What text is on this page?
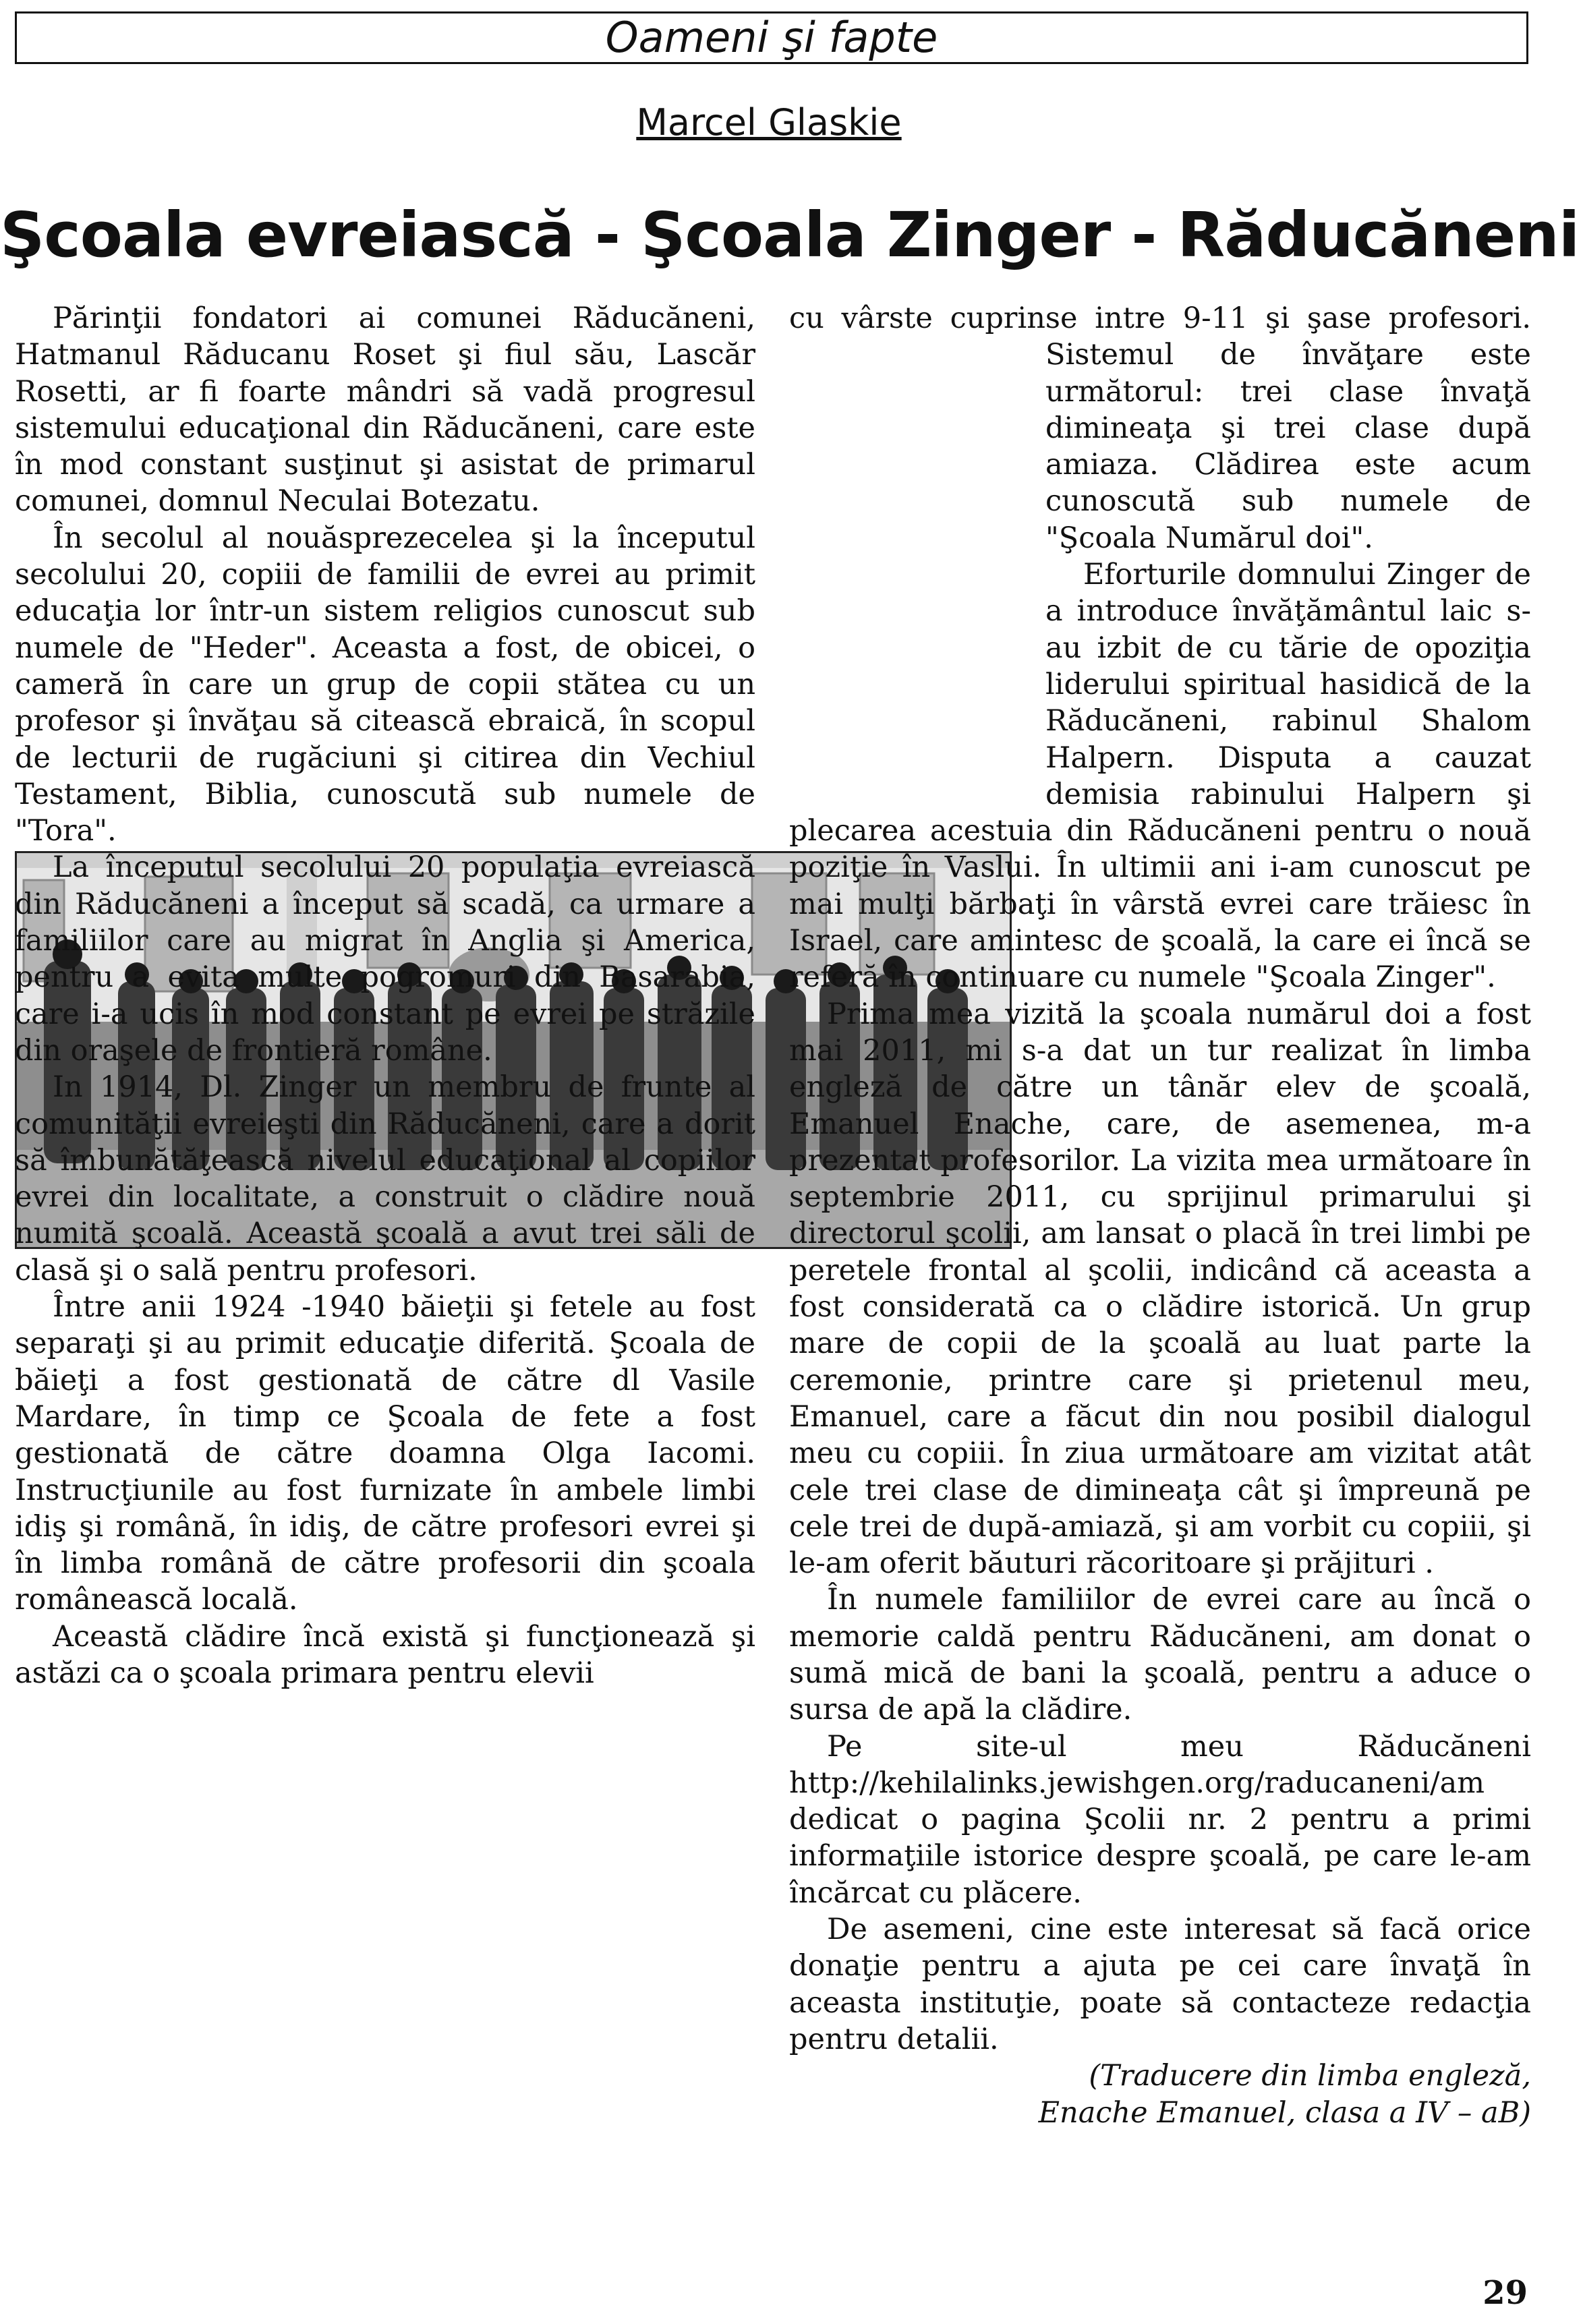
Oameni şi fapte
Marcel Glaskie
Şcoala evreiască - Şcoala Zinger - Răducăneni

Părinţii fondatori ai comunei Răducăneni, Hatmanul Răducanu Roset şi fiul său, Lascăr Rosetti, ar fi foarte mândri să vadă progresul sistemului educaţional din Răducăneni, care este în mod constant susţinut şi asistat de primarul comunei, domnul Neculai Botezatu.

În secolul al nouăsprezecelea şi la începutul secolului 20, copiii de familii de evrei au primit educaţia lor într-un sistem religios cunoscut sub numele de "Heder". Aceasta a fost, de obicei, o cameră în care un grup de copii stătea cu un profesor şi învăţau să citească ebraică, în scopul de lecturii de rugăciuni şi citirea din Vechiul Testament, Biblia, cunoscută sub numele de "Tora".

La începutul secolului 20 populaţia evreiască din Răducăneni a început să scadă, ca urmare a familiilor care au migrat în Anglia şi America, pentru a evita multe pogromuri din Basarabia, care i-a ucis în mod constant pe evrei pe străzile din oraşele de frontieră române.

In 1914, Dl. Zinger un membru de frunte al comunităţii evreieşti din Răducăneni, care a dorit să îmbunătăţească nivelul educaţional al copiilor evrei din localitate, a construit o clădire nouă numită şcoală. Această şcoală a avut trei săli de clasă şi o sală pentru profesori.

Între anii 1924 -1940 băieţii şi fetele au fost separaţi şi au primit educaţie diferită. Şcoala de băieţi a fost gestionată de către dl Vasile Mardare, în timp ce Şcoala de fete a fost gestionată de către doamna Olga Iacomi. Instrucţiunile au fost furnizate în ambele limbi idiş şi română, în idiş, de către profesori evrei şi în limba română de către profesorii din şcoala românească locală.

Această clădire încă există şi funcţionează şi astăzi ca o şcoala primara pentru elevii

cu vârste cuprinse intre 9-11 şi şase profesori. Sistemul de învăţare este următorul: trei clase învaţă dimineaţa şi trei clase după amiaza. Clădirea este acum cunoscută sub numele de "Şcoala Numărul doi".

Eforturile domnului Zinger de a introduce învăţământul laic s-au izbit de cu tărie de opoziţia liderului spiritual hasidică de la Răducăneni, rabinul Shalom Halpern. Disputa a cauzat demisia rabinului Halpern şi plecarea acestuia din Răducăneni pentru o nouă poziţie în Vaslui. În ultimii ani i-am cunoscut pe mai mulţi bărbaţi în vârstă evrei care trăiesc în Israel, care amintesc de şcoală, la care ei încă se referă în continuare cu numele "Şcoala Zinger".

Prima mea vizită la şcoala numărul doi a fost mai 2011, mi s-a dat un tur realizat în limba engleză de către un tânăr elev de şcoală, Emanuel Enache, care, de asemenea, m-a prezentat profesorilor. La vizita mea următoare în septembrie 2011, cu sprijinul primarului şi directorul şcolii, am lansat o placă în trei limbi pe peretele frontal al şcolii, indicând că aceasta a fost considerată ca o clădire istorică. Un grup mare de copii de la şcoală au luat parte la ceremonie, printre care şi prietenul meu, Emanuel, care a făcut din nou posibil dialogul meu cu copiii. În ziua următoare am vizitat atât cele trei clase de dimineaţa cât şi împreună pe cele trei de după-amiază, şi am vorbit cu copiii, şi le-am oferit băuturi răcoritoare şi prăjituri .

În numele familiilor de evrei care au încă o memorie caldă pentru Răducăneni, am donat o sumă mică de bani la şcoală, pentru a aduce o sursa de apă la clădire.

Pe site-ul meu Răducăneni http://kehilalinks.jewishgen.org/raducaneni/am dedicat o pagina Şcolii nr. 2 pentru a primi informaţiile istorice despre şcoală, pe care le-am încărcat cu plăcere.

De asemeni, cine este interesat să facă orice donaţie pentru a ajuta pe cei care învaţă în aceasta instituţie, poate să contacteze redacţia pentru detalii.

(Traducere din limba engleză,
Enache Emanuel, clasa a IV – aB)

29
